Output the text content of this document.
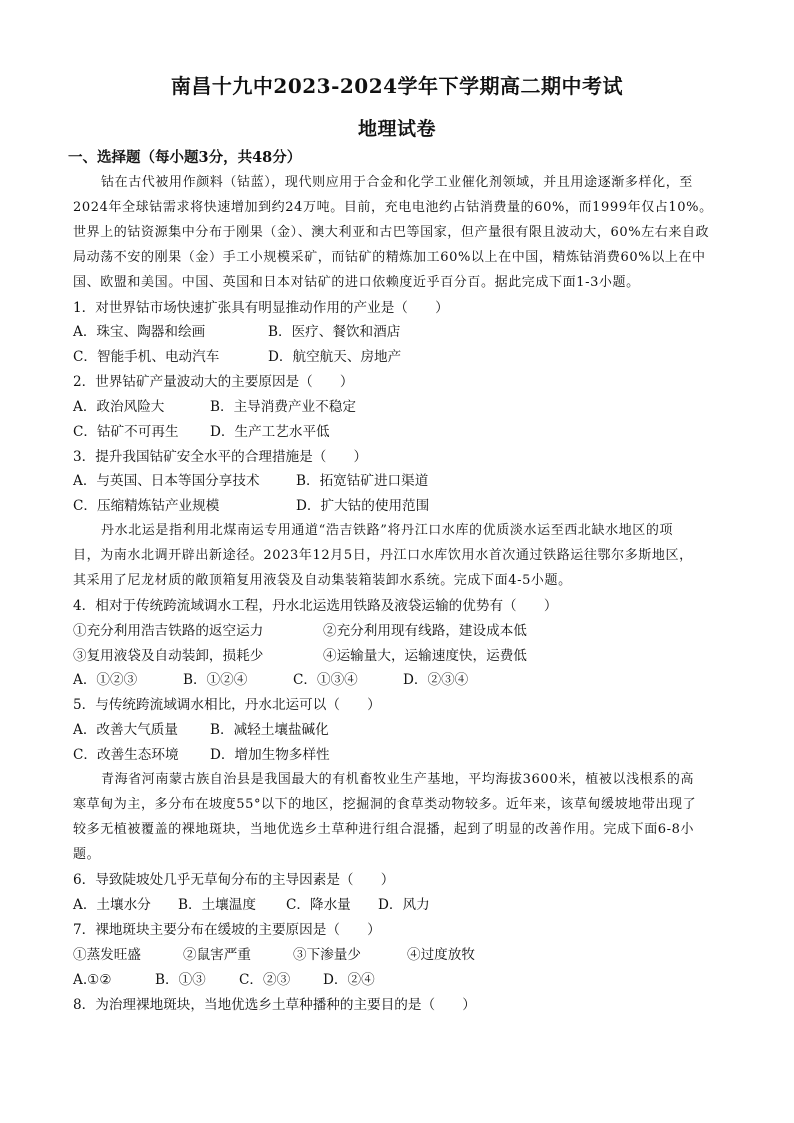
南昌十九中2023-2024学年下学期高二期中考试
地理试卷
一、选择题（每小题3分，共48分）
钴在古代被用作颜料（钴蓝），现代则应用于合金和化学工业催化剂领域，并且用途逐渐多样化，至
2024年全球钴需求将快速增加到约24万吨。目前，充电电池约占钴消费量的60%，而1999年仅占10%。
世界上的钴资源集中分布于刚果（金）、澳大利亚和古巴等国家，但产量很有限且波动大，60%左右来自政
局动荡不安的刚果（金）手工小规模采矿，而钴矿的精炼加工60%以上在中国，精炼钴消费60%以上在中
国、欧盟和美国。中国、英国和日本对钴矿的进口依赖度近乎百分百。据此完成下面1-3小题。
1．对世界钴市场快速扩张具有明显推动作用的产业是（　　）
A．珠宝、陶器和绘画	B．医疗、餐饮和酒店
C．智能手机、电动汽车	D．航空航天、房地产
2．世界钴矿产量波动大的主要原因是（　　）
A．政治风险大	B．主导消费产业不稳定
C．钴矿不可再生 D．生产工艺水平低
3．提升我国钴矿安全水平的合理措施是（　　）
A．与英国、日本等国分享技术	B．拓宽钴矿进口渠道
C．压缩精炼钴产业规模	D．扩大钴的使用范围
丹水北运是指利用北煤南运专用通道“浩吉铁路”将丹江口水库的优质淡水运至西北缺水地区的项
目，为南水北调开辟出新途径。2023年12月5日，丹江口水库饮用水首次通过铁路运往鄂尔多斯地区，
其采用了尼龙材质的敞顶箱复用液袋及自动集装箱装卸水系统。完成下面4-5小题。
4．相对于传统跨流域调水工程，丹水北运选用铁路及液袋运输的优势有（　　）
①充分利用浩吉铁路的返空运力	②充分利用现有线路，建设成本低
③复用液袋及自动装卸，损耗少	④运输量大，运输速度快，运费低
A．①②③	B．①②④	C．①③④	D．②③④
5．与传统跨流域调水相比，丹水北运可以（　　）
A．改善大气质量 B．减轻土壤盐碱化
C．改善生态环境 D．增加生物多样性
青海省河南蒙古族自治县是我国最大的有机畜牧业生产基地，平均海拔3600米，植被以浅根系的高
寒草甸为主，多分布在坡度55°以下的地区，挖掘洞的食草类动物较多。近年来，该草甸缓坡地带出现了
较多无植被覆盖的裸地斑块，当地优选乡土草种进行组合混播，起到了明显的改善作用。完成下面6-8小
题。
6．导致陡坡处几乎无草甸分布的主导因素是（　　）
A．土壤水分 B．土壤温度 C．降水量 D．风力
7．裸地斑块主要分布在缓坡的主要原因是（　　）
①蒸发旺盛	②鼠害严重	③下渗量少	④过度放牧
A.①②	B．①③ C．②③ D．②④
8．为治理裸地斑块，当地优选乡土草种播种的主要目的是（　　）
